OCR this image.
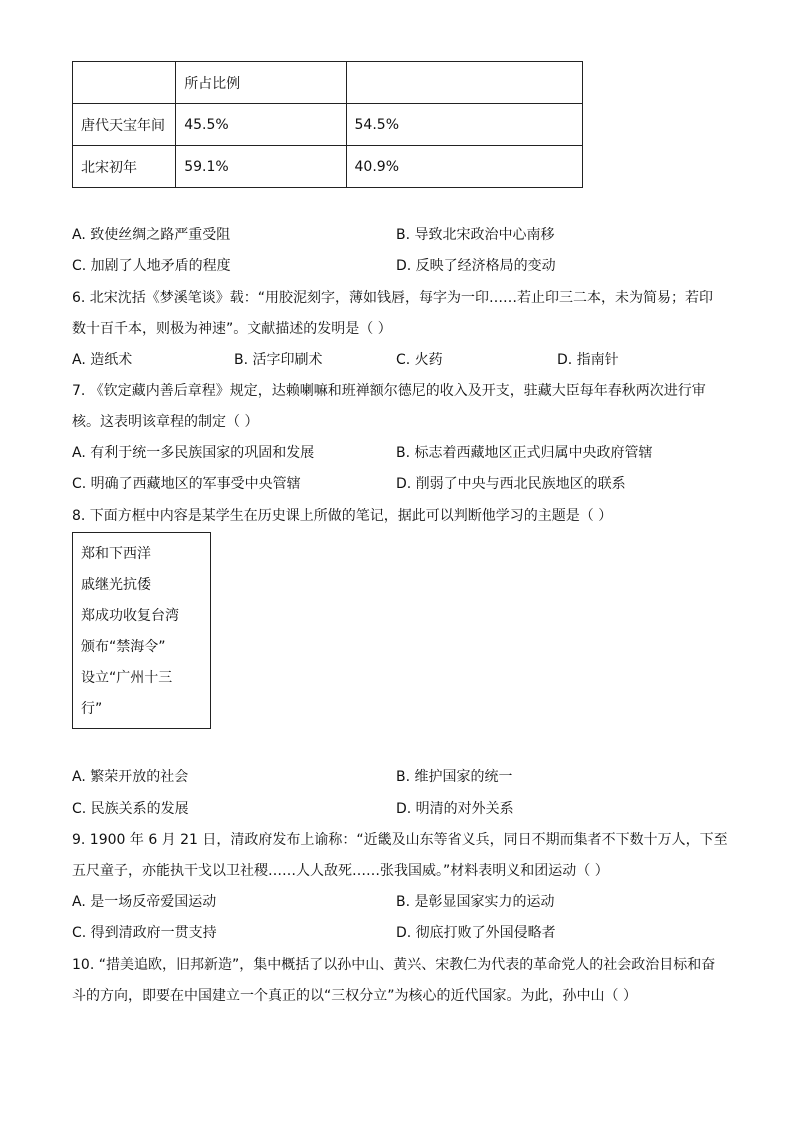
	所占比例	
唐代天宝年间	45.5%	54.5%
北宋初年	59.1%	40.9%
A. 致使丝绸之路严重受阻	B. 导致北宋政治中心南移
C. 加剧了人地矛盾的程度	D. 反映了经济格局的变动
6. 北宋沈括《梦溪笔谈》载：“用胶泥刻字，薄如钱唇，每字为一印……若止印三二本，未为简易；若印
数十百千本，则极为神速”。文献描述的发明是（ ）
A. 造纸术	B. 活字印刷术	C. 火药	D. 指南针
7. 《钦定藏内善后章程》规定，达赖喇嘛和班禅额尔德尼的收入及开支，驻藏大臣每年春秋两次进行审
核。这表明该章程的制定（ ）
A. 有利于统一多民族国家的巩固和发展	B. 标志着西藏地区正式归属中央政府管辖
C. 明确了西藏地区的军事受中央管辖	D. 削弱了中央与西北民族地区的联系
8. 下面方框中内容是某学生在历史课上所做的笔记，据此可以判断他学习的主题是（ ）
郑和下西洋
戚继光抗倭
郑成功收复台湾
颁布“禁海令”
设立“广州十三
行”
A. 繁荣开放的社会	B. 维护国家的统一
C. 民族关系的发展	D. 明清的对外关系
9. 1900 年 6 月 21 日，清政府发布上谕称：“近畿及山东等省义兵，同日不期而集者不下数十万人，下至
五尺童子，亦能执干戈以卫社稷……人人敌死……张我国威。”材料表明义和团运动（ ）
A. 是一场反帝爱国运动	B. 是彰显国家实力的运动
C. 得到清政府一贯支持	D. 彻底打败了外国侵略者
10. “措美追欧，旧邦新造”，集中概括了以孙中山、黄兴、宋教仁为代表的革命党人的社会政治目标和奋
斗的方向，即要在中国建立一个真正的以“三权分立”为核心的近代国家。为此，孙中山（ ）
